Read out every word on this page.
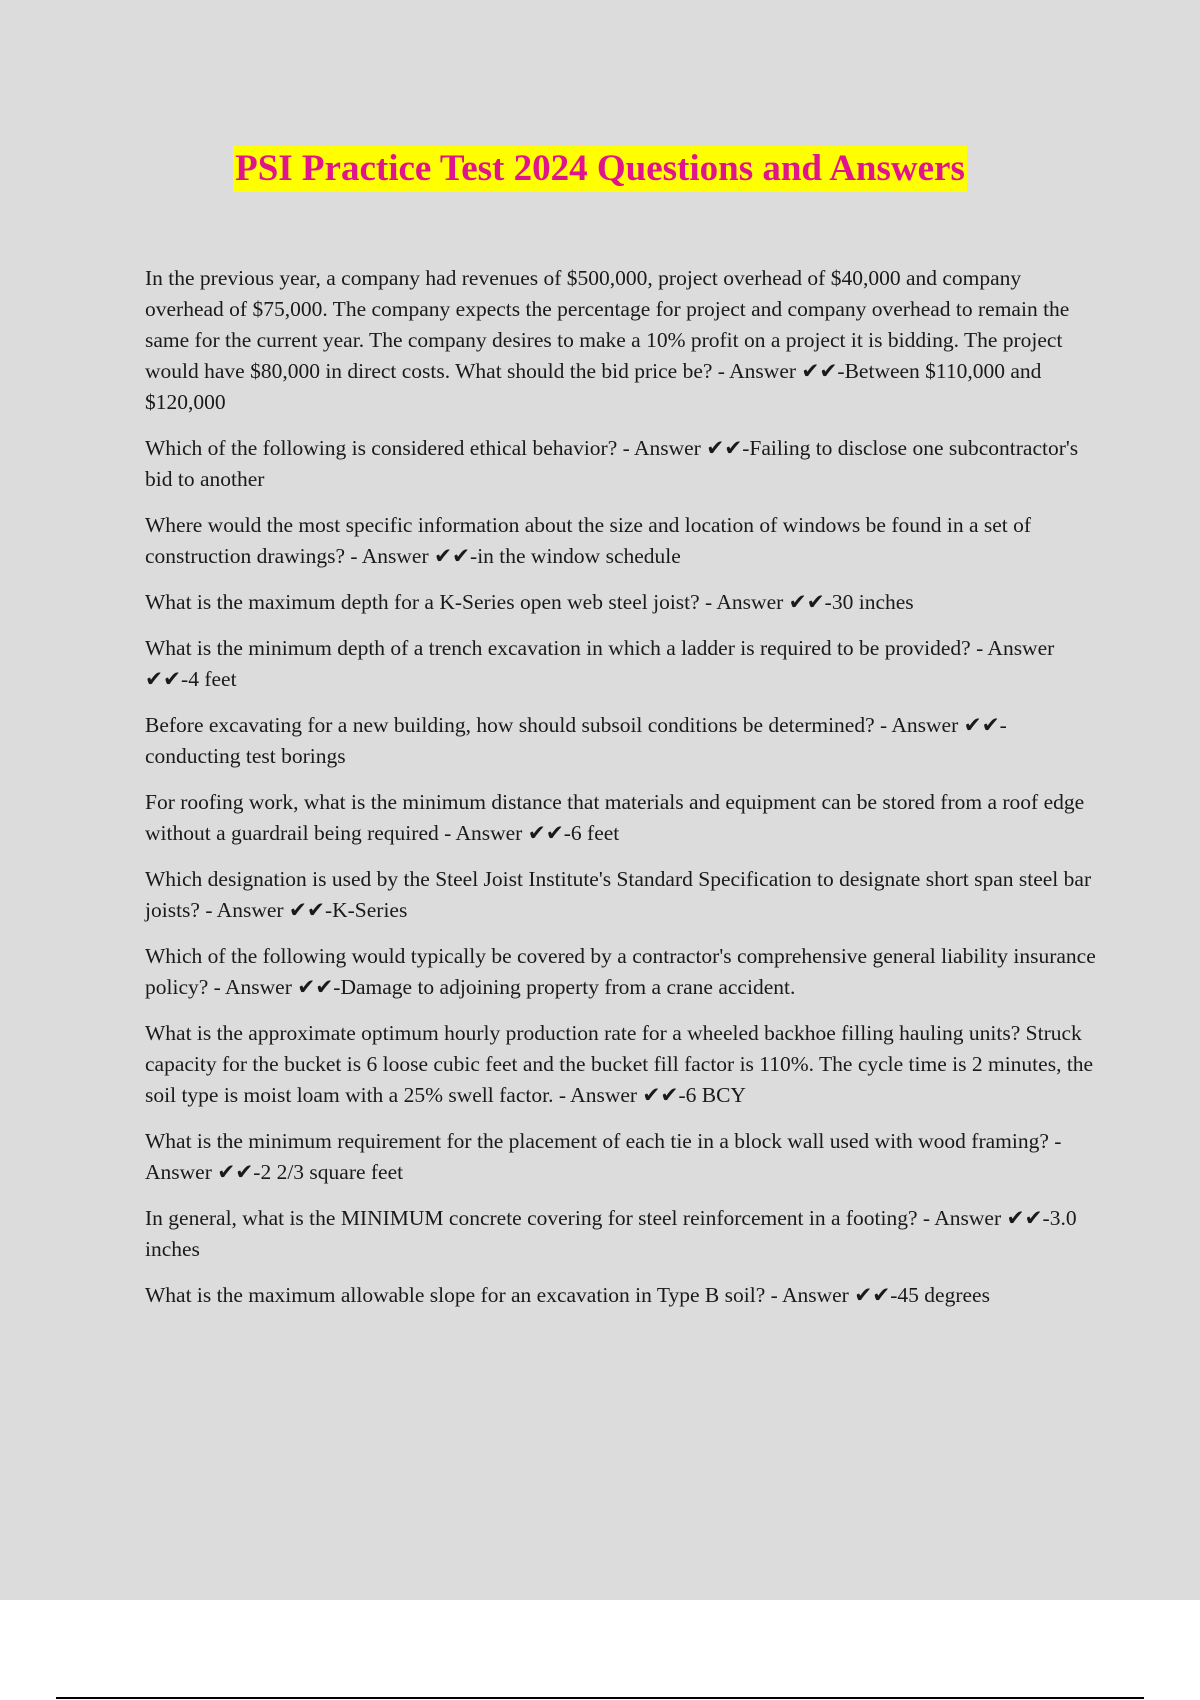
PSI Practice Test 2024 Questions and Answers
In the previous year, a company had revenues of $500,000, project overhead of $40,000 and company overhead of $75,000. The company expects the percentage for project and company overhead to remain the same for the current year. The company desires to make a 10% profit on a project it is bidding. The project would have $80,000 in direct costs. What should the bid price be? - Answer ✔✔-Between $110,000 and $120,000
Which of the following is considered ethical behavior? - Answer ✔✔-Failing to disclose one subcontractor's bid to another
Where would the most specific information about the size and location of windows be found in a set of construction drawings? - Answer ✔✔-in the window schedule
What is the maximum depth for a K-Series open web steel joist? - Answer ✔✔-30 inches
What is the minimum depth of a trench excavation in which a ladder is required to be provided? - Answer ✔✔-4 feet
Before excavating for a new building, how should subsoil conditions be determined? - Answer ✔✔-conducting test borings
For roofing work, what is the minimum distance that materials and equipment can be stored from a roof edge without a guardrail being required - Answer ✔✔-6 feet
Which designation is used by the Steel Joist Institute's Standard Specification to designate short span steel bar joists? - Answer ✔✔-K-Series
Which of the following would typically be covered by a contractor's comprehensive general liability insurance policy? - Answer ✔✔-Damage to adjoining property from a crane accident.
What is the approximate optimum hourly production rate for a wheeled backhoe filling hauling units? Struck capacity for the bucket is 6 loose cubic feet and the bucket fill factor is 110%. The cycle time is 2 minutes, the soil type is moist loam with a 25% swell factor. - Answer ✔✔-6 BCY
What is the minimum requirement for the placement of each tie in a block wall used with wood framing? - Answer ✔✔-2 2/3 square feet
In general, what is the MINIMUM concrete covering for steel reinforcement in a footing? - Answer ✔✔-3.0 inches
What is the maximum allowable slope for an excavation in Type B soil? - Answer ✔✔-45 degrees
